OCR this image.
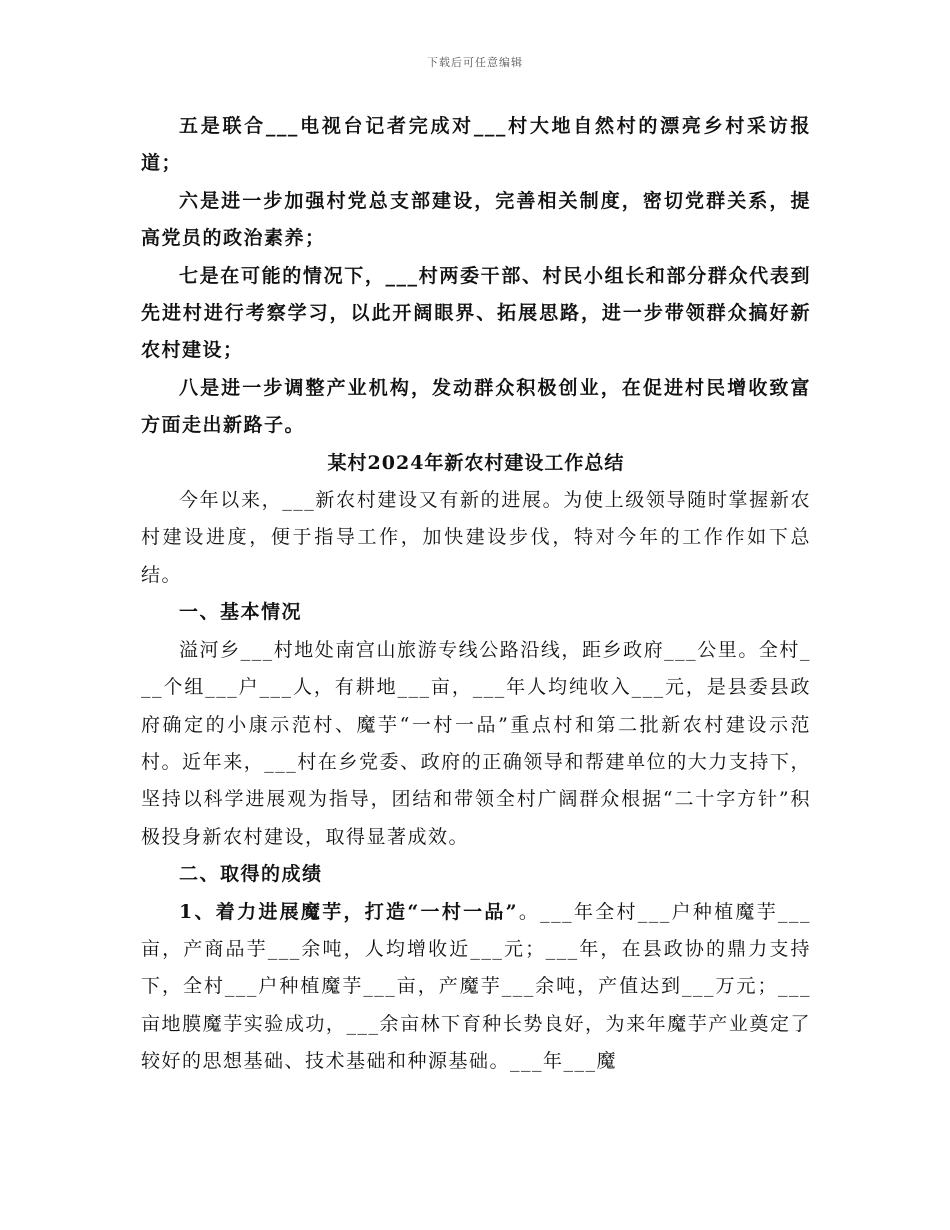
下载后可任意编辑

五是联合___电视台记者完成对___村大地自然村的漂亮乡村采访报道；

六是进一步加强村党总支部建设，完善相关制度，密切党群关系，提高党员的政治素养；

七是在可能的情况下，___村两委干部、村民小组长和部分群众代表到先进村进行考察学习，以此开阔眼界、拓展思路，进一步带领群众搞好新农村建设；

八是进一步调整产业机构，发动群众积极创业，在促进村民增收致富方面走出新路子。

某村2024年新农村建设工作总结

今年以来，___新农村建设又有新的进展。为使上级领导随时掌握新农村建设进度，便于指导工作，加快建设步伐，特对今年的工作作如下总结。

一、基本情况

溢河乡___村地处南宫山旅游专线公路沿线，距乡政府___公里。全村___个组___户___人，有耕地___亩，___年人均纯收入___元，是县委县政府确定的小康示范村、魔芋“一村一品”重点村和第二批新农村建设示范村。近年来，___村在乡党委、政府的正确领导和帮建单位的大力支持下，坚持以科学进展观为指导，团结和带领全村广阔群众根据“二十字方针”积极投身新农村建设，取得显著成效。

二、取得的成绩

1、着力进展魔芋，打造“一村一品”。___年全村___户种植魔芋___亩，产商品芋___余吨，人均增收近___元；___年，在县政协的鼎力支持下，全村___户种植魔芋___亩，产魔芋___余吨，产值达到___万元；___亩地膜魔芋实验成功，___余亩林下育种长势良好，为来年魔芋产业奠定了较好的思想基础、技术基础和种源基础。___年___魔
